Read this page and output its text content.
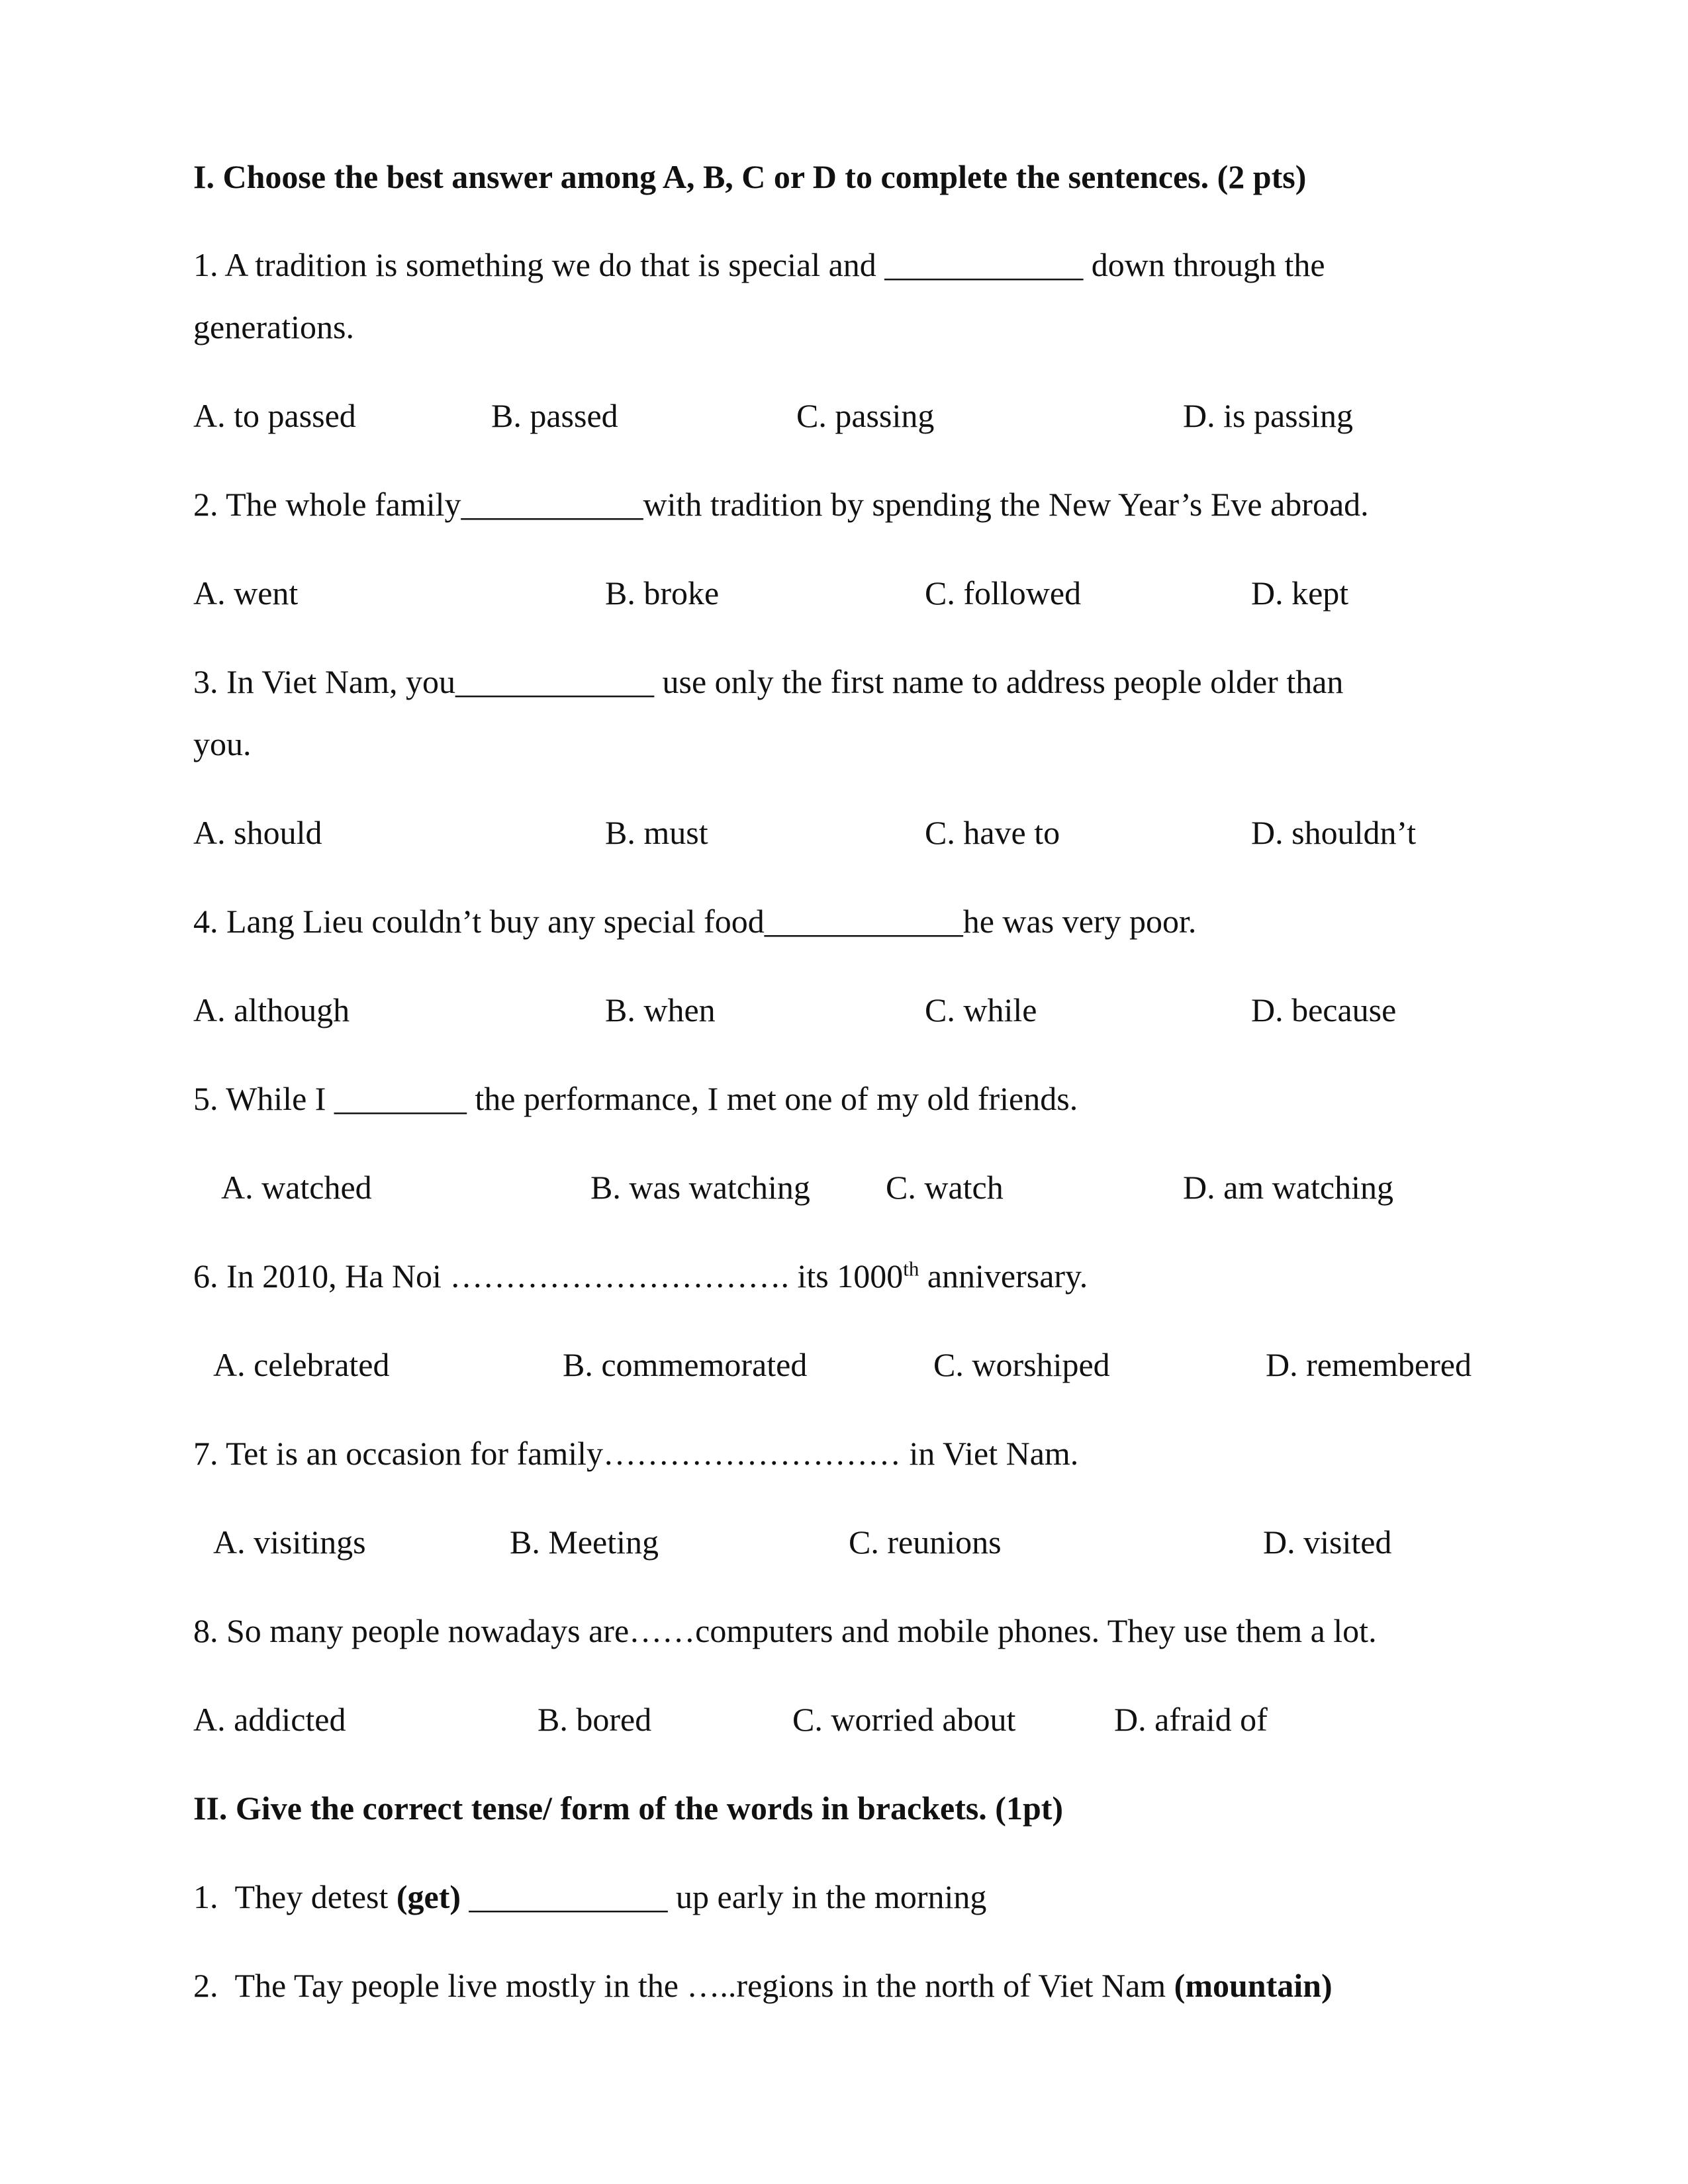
I. Choose the best answer among A, B, C or D to complete the sentences. (2 pts)
1. A tradition is something we do that is special and ____________ down through the
generations.
A. to passed	B. passed	C. passing	D. is passing
2. The whole family___________with tradition by spending the New Year’s Eve abroad.
A. went	B. broke	C. followed	D. kept
3. In Viet Nam, you____________ use only the first name to address people older than
you.
A. should	B. must	C. have to	D. shouldn’t
4. Lang Lieu couldn’t buy any special food____________he was very poor.
A. although	B. when	C. while	D. because
5. While I ________ the performance, I met one of my old friends.
A. watched	B. was watching C. watch	D. am watching
6. In 2010, Ha Noi …………………………. its 1000th anniversary.
A. celebrated	B. commemorated	C. worshiped	D. remembered
7. Tet is an occasion for family……………………… in Viet Nam.
A. visitings	B. Meeting	C. reunions	D. visited
8. So many people nowadays are……computers and mobile phones. They use them a lot.
A. addicted	B. bored	C. worried about	D. afraid of
II. Give the correct tense/ form of the words in brackets. (1pt)
1. They detest (get) ____________ up early in the morning
2. The Tay people live mostly in the …..regions in the north of Viet Nam (mountain)
